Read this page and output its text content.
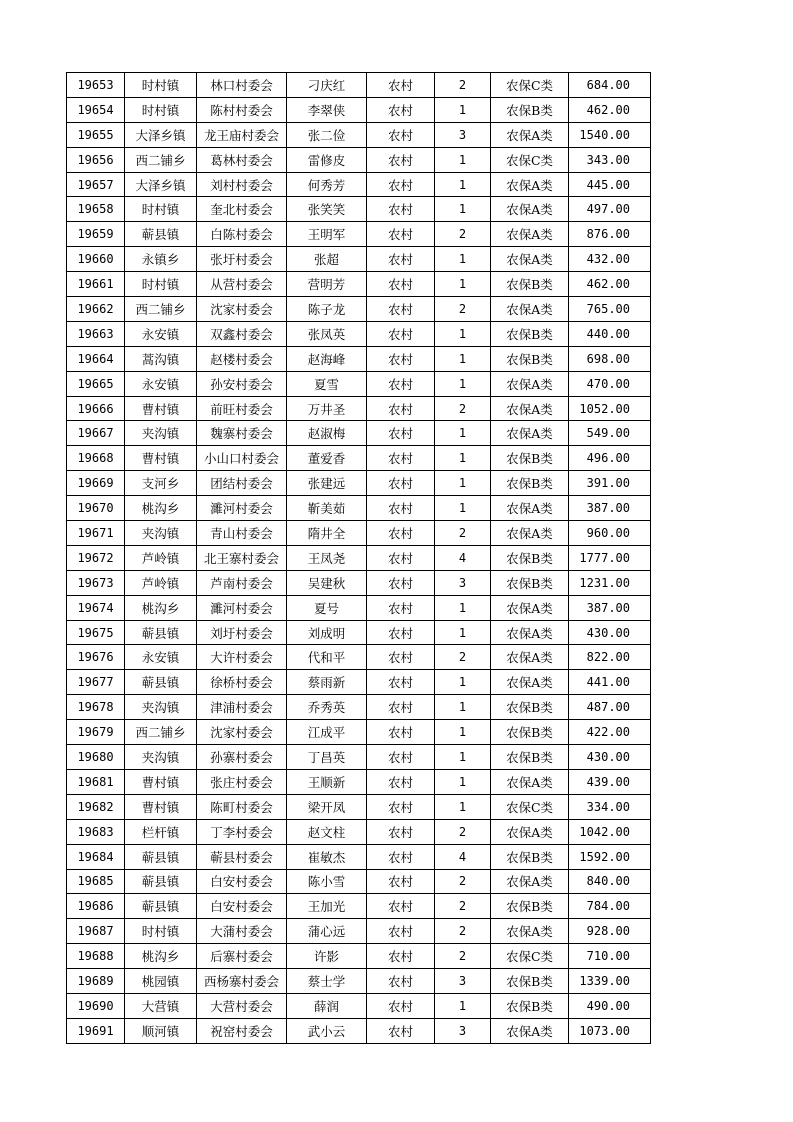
19653	时村镇	林口村委会	刁庆红	农村	2	农保C类	684.00
19654	时村镇	陈村村委会	李翠侠	农村	1	农保B类	462.00
19655	大泽乡镇	龙王庙村委会	张二俭	农村	3	农保A类	1540.00
19656	西二铺乡	葛林村委会	雷修皮	农村	1	农保C类	343.00
19657	大泽乡镇	刘村村委会	何秀芳	农村	1	农保A类	445.00
19658	时村镇	奎北村委会	张笑笑	农村	1	农保A类	497.00
19659	蕲县镇	白陈村委会	王明军	农村	2	农保A类	876.00
19660	永镇乡	张圩村委会	张超	农村	1	农保A类	432.00
19661	时村镇	从营村委会	营明芳	农村	1	农保B类	462.00
19662	西二铺乡	沈家村委会	陈子龙	农村	2	农保A类	765.00
19663	永安镇	双鑫村委会	张凤英	农村	1	农保B类	440.00
19664	蒿沟镇	赵楼村委会	赵海峰	农村	1	农保B类	698.00
19665	永安镇	孙安村委会	夏雪	农村	1	农保A类	470.00
19666	曹村镇	前旺村委会	万井圣	农村	2	农保A类	1052.00
19667	夹沟镇	魏寨村委会	赵淑梅	农村	1	农保A类	549.00
19668	曹村镇	小山口村委会	董爱香	农村	1	农保B类	496.00
19669	支河乡	团结村委会	张建远	农村	1	农保B类	391.00
19670	桃沟乡	濉河村委会	靳美茹	农村	1	农保A类	387.00
19671	夹沟镇	青山村委会	隋井全	农村	2	农保A类	960.00
19672	芦岭镇	北王寨村委会	王凤尧	农村	4	农保B类	1777.00
19673	芦岭镇	芦南村委会	吴建秋	农村	3	农保B类	1231.00
19674	桃沟乡	濉河村委会	夏号	农村	1	农保A类	387.00
19675	蕲县镇	刘圩村委会	刘成明	农村	1	农保A类	430.00
19676	永安镇	大许村委会	代和平	农村	2	农保A类	822.00
19677	蕲县镇	徐桥村委会	蔡雨新	农村	1	农保A类	441.00
19678	夹沟镇	津浦村委会	乔秀英	农村	1	农保B类	487.00
19679	西二铺乡	沈家村委会	江成平	农村	1	农保B类	422.00
19680	夹沟镇	孙寨村委会	丁昌英	农村	1	农保B类	430.00
19681	曹村镇	张庄村委会	王顺新	农村	1	农保A类	439.00
19682	曹村镇	陈町村委会	梁开凤	农村	1	农保C类	334.00
19683	栏杆镇	丁李村委会	赵文柱	农村	2	农保A类	1042.00
19684	蕲县镇	蕲县村委会	崔敏杰	农村	4	农保B类	1592.00
19685	蕲县镇	白安村委会	陈小雪	农村	2	农保A类	840.00
19686	蕲县镇	白安村委会	王加光	农村	2	农保B类	784.00
19687	时村镇	大蒲村委会	蒲心远	农村	2	农保A类	928.00
19688	桃沟乡	后寨村委会	许影	农村	2	农保C类	710.00
19689	桃园镇	西杨寨村委会	蔡士学	农村	3	农保B类	1339.00
19690	大营镇	大营村委会	薛润	农村	1	农保B类	490.00
19691	顺河镇	祝窑村委会	武小云	农村	3	农保A类	1073.00
